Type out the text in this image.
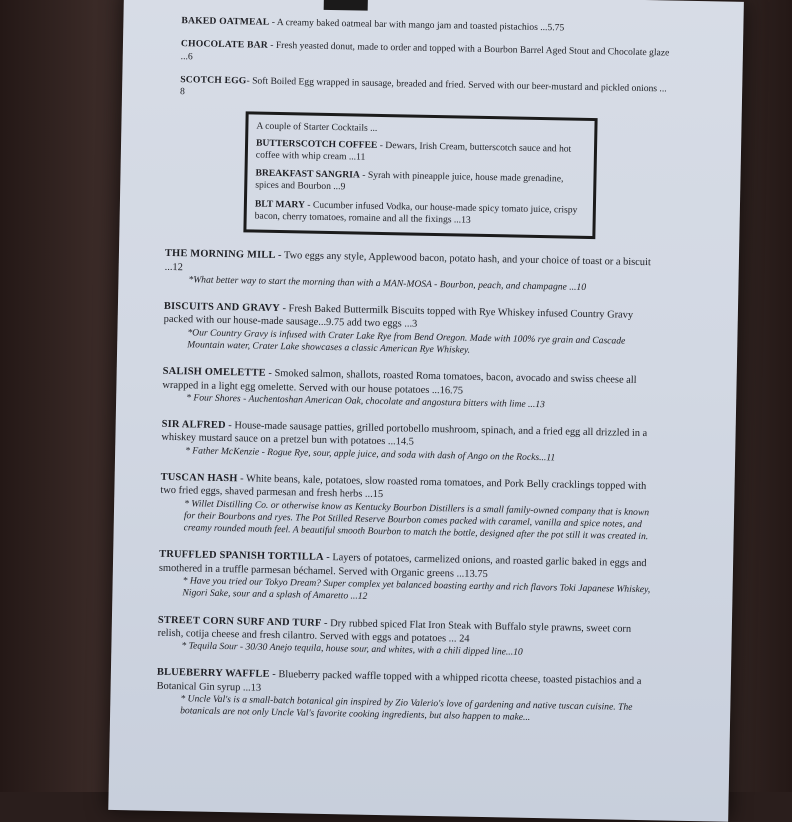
BAKED OATMEAL - A creamy baked oatmeal bar with mango jam and toasted pistachios ...5.75
CHOCOLATE BAR - Fresh yeasted donut, made to order and topped with a Bourbon Barrel Aged Stout and Chocolate glaze ...6
SCOTCH EGG- Soft Boiled Egg wrapped in sausage, breaded and fried. Served with our beer-mustard and pickled onions ... 8
A couple of Starter Cocktails ...
BUTTERSCOTCH COFFEE - Dewars, Irish Cream, butterscotch sauce and hot coffee with whip cream ...11
BREAKFAST SANGRIA - Syrah with pineapple juice, house made grenadine, spices and Bourbon ...9
BLT MARY - Cucumber infused Vodka, our house-made spicy tomato juice, crispy bacon, cherry tomatoes, romaine and all the fixings ...13
THE MORNING MILL - Two eggs any style, Applewood bacon, potato hash, and your choice of toast or a biscuit ...12
*What better way to start the morning than with a MAN-MOSA - Bourbon, peach, and champagne ...10
BISCUITS AND GRAVY - Fresh Baked Buttermilk Biscuits topped with Rye Whiskey infused Country Gravy packed with our house-made sausage...9.75 add two eggs ...3
*Our Country Gravy is infused with Crater Lake Rye from Bend Oregon. Made with 100% rye grain and Cascade Mountain water, Crater Lake showcases a classic American Rye Whiskey.
SALISH OMELETTE - Smoked salmon, shallots, roasted Roma tomatoes, bacon, avocado and swiss cheese all wrapped in a light egg omelette. Served with our house potatoes ...16.75
* Four Shores - Auchentoshan American Oak, chocolate and angostura bitters with lime ...13
SIR ALFRED - House-made sausage patties, grilled portobello mushroom, spinach, and a fried egg all drizzled in a whiskey mustard sauce on a pretzel bun with potatoes ...14.5
* Father McKenzie - Rogue Rye, sour, apple juice, and soda with dash of Ango on the Rocks...11
TUSCAN HASH - White beans, kale, potatoes, slow roasted roma tomatoes, and Pork Belly cracklings topped with two fried eggs, shaved parmesan and fresh herbs ...15
* Willet Distilling Co. or otherwise know as Kentucky Bourbon Distillers is a small family-owned company that is known for their Bourbons and ryes. The Pot Stilled Reserve Bourbon comes packed with caramel, vanilla and spice notes, and creamy rounded mouth feel. A beautiful smooth Bourbon to match the bottle, designed after the pot still it was created in.
TRUFFLED SPANISH TORTILLA - Layers of potatoes, carmelized onions, and roasted garlic baked in eggs and smothered in a truffle parmesan béchamel. Served with Organic greens ...13.75
* Have you tried our Tokyo Dream? Super complex yet balanced boasting earthy and rich flavors Toki Japanese Whiskey, Nigori Sake, sour and a splash of Amaretto ...12
STREET CORN SURF AND TURF - Dry rubbed spiced Flat Iron Steak with Buffalo style prawns, sweet corn relish, cotija cheese and fresh cilantro. Served with eggs and potatoes ... 24
* Tequila Sour - 30/30 Anejo tequila, house sour, and whites, with a chili dipped line...10
BLUEBERRY WAFFLE - Blueberry packed waffle topped with a whipped ricotta cheese, toasted pistachios and a Botanical Gin syrup ...13
* Uncle Val's is a small-batch botanical gin inspired by Zio Valerio's love of gardening and native tuscan cuisine. The botanicals are not only Uncle Val's favorite cooking ingredients, but also happen to make...
